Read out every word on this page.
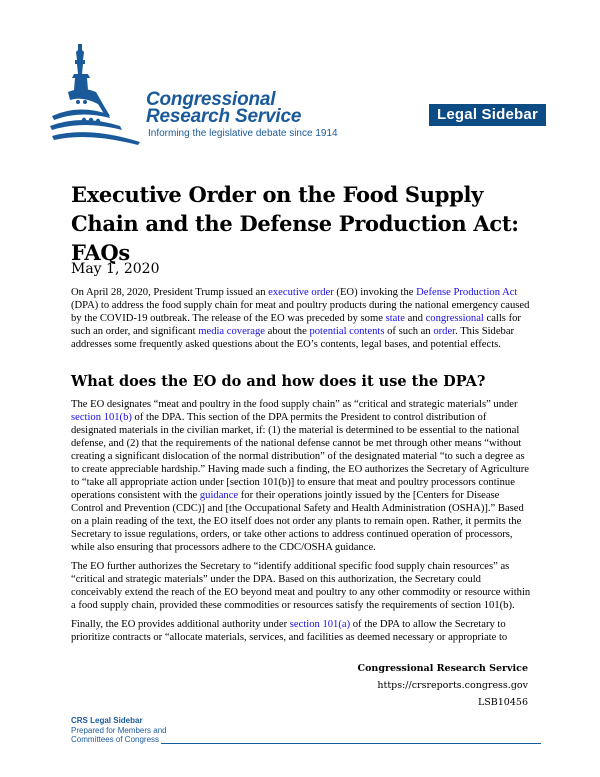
Congressional
Research Service
Informing the legislative debate since 1914
Legal Sidebar
Executive Order on the Food Supply Chain and the Defense Production Act: FAQs
May 1, 2020

On April 28, 2020, President Trump issued an executive order (EO) invoking the Defense Production Act (DPA) to address the food supply chain for meat and poultry products during the national emergency caused by the COVID-19 outbreak. The release of the EO was preceded by some state and congressional calls for such an order, and significant media coverage about the potential contents of such an order. This Sidebar addresses some frequently asked questions about the EO’s contents, legal bases, and potential effects.

What does the EO do and how does it use the DPA?

The EO designates “meat and poultry in the food supply chain” as “critical and strategic materials” under section 101(b) of the DPA. This section of the DPA permits the President to control distribution of designated materials in the civilian market, if: (1) the material is determined to be essential to the national defense, and (2) that the requirements of the national defense cannot be met through other means “without creating a significant dislocation of the normal distribution” of the designated material “to such a degree as to create appreciable hardship.” Having made such a finding, the EO authorizes the Secretary of Agriculture to “take all appropriate action under [section 101(b)] to ensure that meat and poultry processors continue operations consistent with the guidance for their operations jointly issued by the [Centers for Disease Control and Prevention (CDC)] and [the Occupational Safety and Health Administration (OSHA)].” Based on a plain reading of the text, the EO itself does not order any plants to remain open. Rather, it permits the Secretary to issue regulations, orders, or take other actions to address continued operation of processors, while also ensuring that processors adhere to the CDC/OSHA guidance.

The EO further authorizes the Secretary to “identify additional specific food supply chain resources” as “critical and strategic materials” under the DPA. Based on this authorization, the Secretary could conceivably extend the reach of the EO beyond meat and poultry to any other commodity or resource within a food supply chain, provided these commodities or resources satisfy the requirements of section 101(b).

Finally, the EO provides additional authority under section 101(a) of the DPA to allow the Secretary to prioritize contracts or “allocate materials, services, and facilities as deemed necessary or appropriate to

Congressional Research Service
https://crsreports.congress.gov
LSB10456
CRS Legal Sidebar
Prepared for Members and
Committees of Congress
